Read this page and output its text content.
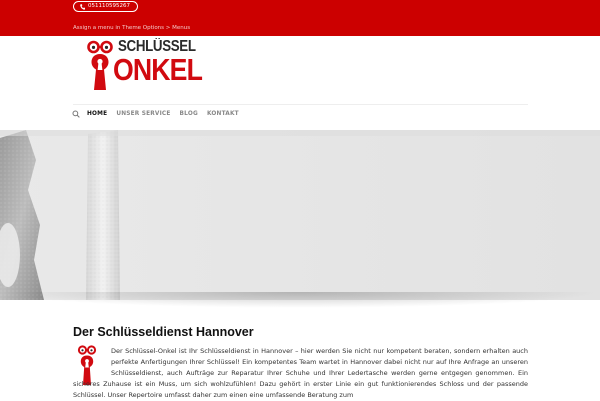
051110595267
Assign a menu in Theme Options > Menus
SCHLÜSSEL
ONKEL
HOME UNSER SERVICE BLOG KONTAKT
Der Schlüsseldienst Hannover
Der Schlüssel-Onkel ist Ihr Schlüsseldienst in Hannover – hier werden Sie nicht nur kompetent beraten, sondern erhalten auch perfekte Anfertigungen Ihrer Schlüssel! Ein kompetentes Team wartet in Hannover dabei nicht nur auf Ihre Anfrage an unseren Schlüsseldienst, auch Aufträge zur Reparatur Ihrer Schuhe und Ihrer Ledertasche werden gerne entgegen genommen. Ein sicheres Zuhause ist ein Muss, um sich wohlzufühlen! Dazu gehört in erster Linie ein gut funktionierendes Schloss und der passende Schlüssel. Unser Repertoire umfasst daher zum einen eine umfassende Beratung zum
